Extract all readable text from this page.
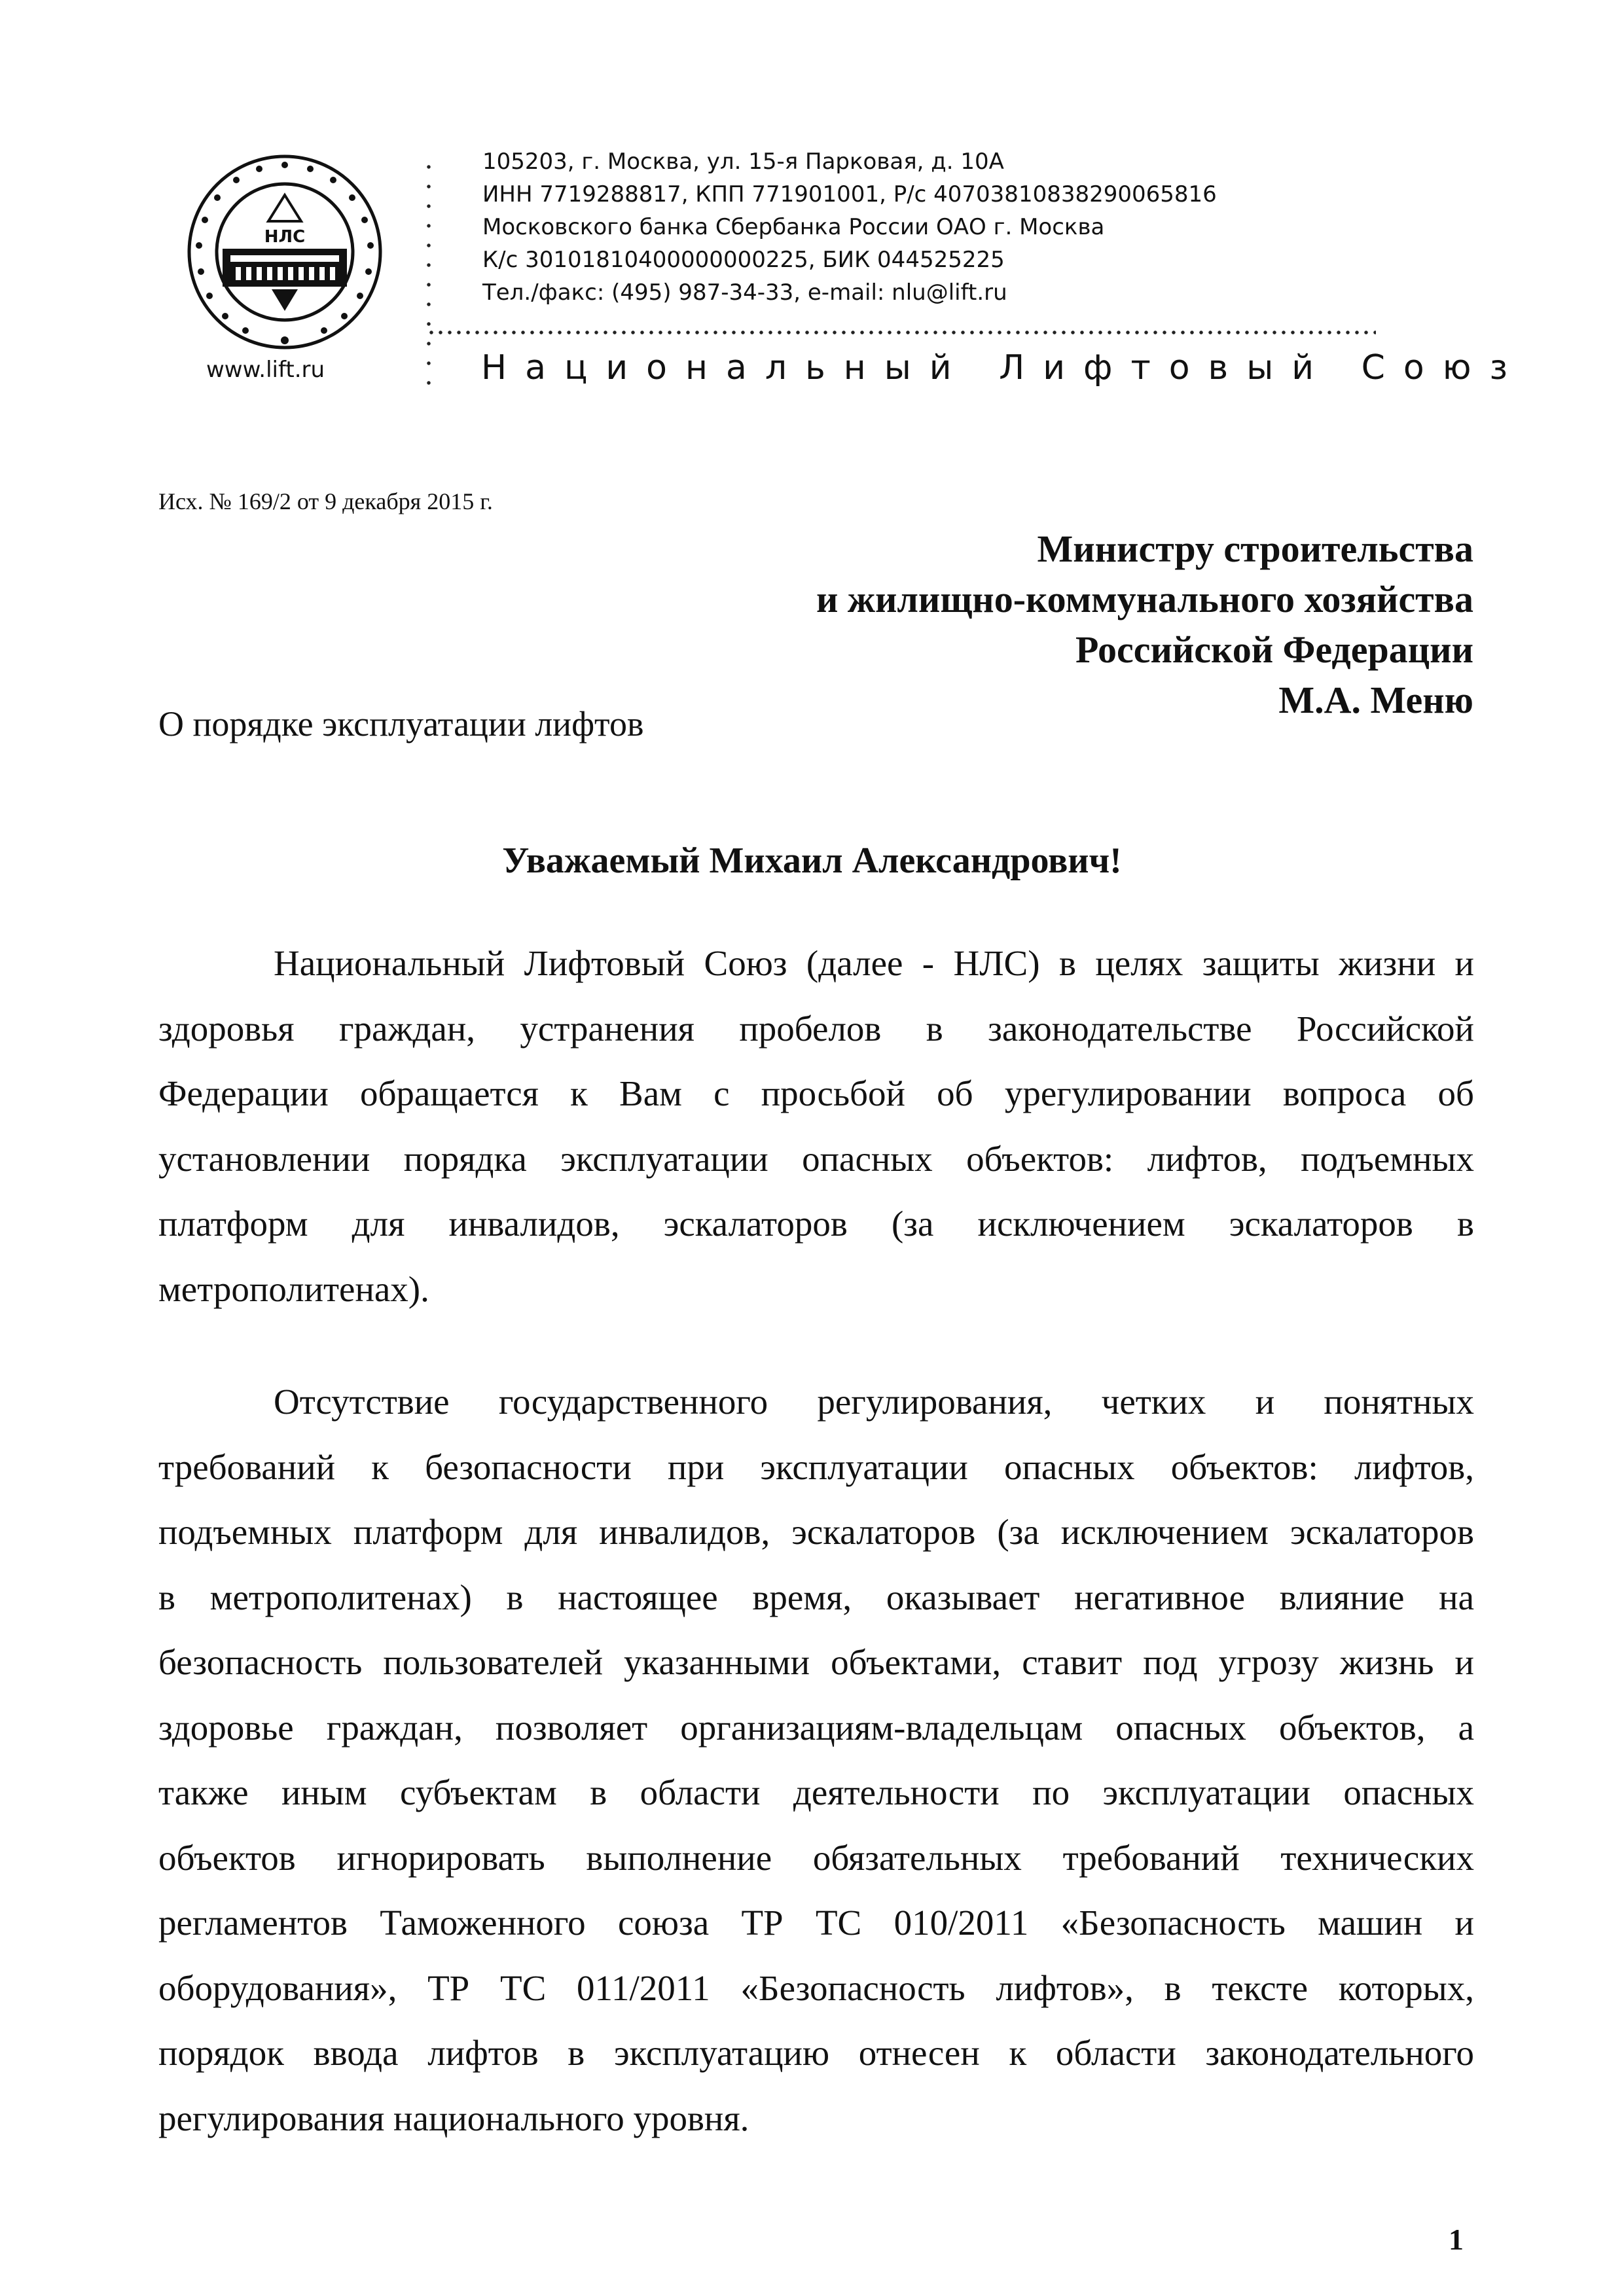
НЛС
www.lift.ru
105203, г. Москва, ул. 15-я Парковая, д. 10А
ИНН 7719288817, КПП 771901001, Р/с 40703810838290065816
Московского банка Сбербанка России ОАО г. Москва
К/с 30101810400000000225, БИК 044525225
Тел./факс: (495) 987-34-33, e-mail: nlu@lift.ru
Национальный Лифтовый Союз
Исх. № 169/2 от 9 декабря 2015 г.
Министру строительства
и жилищно-коммунального хозяйства
Российской Федерации
М.А. Меню
О порядке эксплуатации лифтов
Уважаемый Михаил Александрович!
Национальный Лифтовый Союз (далее - НЛС) в целях защиты жизни и
здоровья граждан, устранения пробелов в законодательстве Российской
Федерации обращается к Вам с просьбой об урегулировании вопроса об
установлении порядка эксплуатации опасных объектов: лифтов, подъемных
платформ для инвалидов, эскалаторов (за исключением эскалаторов в
метрополитенах).
Отсутствие государственного регулирования, четких и понятных
требований к безопасности при эксплуатации опасных объектов: лифтов,
подъемных платформ для инвалидов, эскалаторов (за исключением эскалаторов
в метрополитенах) в настоящее время, оказывает негативное влияние на
безопасность пользователей указанными объектами, ставит под угрозу жизнь и
здоровье граждан, позволяет организациям-владельцам опасных объектов, а
также иным субъектам в области деятельности по эксплуатации опасных
объектов игнорировать выполнение обязательных требований технических
регламентов Таможенного союза ТР ТС 010/2011 «Безопасность машин и
оборудования», ТР ТС 011/2011 «Безопасность лифтов», в тексте которых,
порядок ввода лифтов в эксплуатацию отнесен к области законодательного
регулирования национального уровня.
1
